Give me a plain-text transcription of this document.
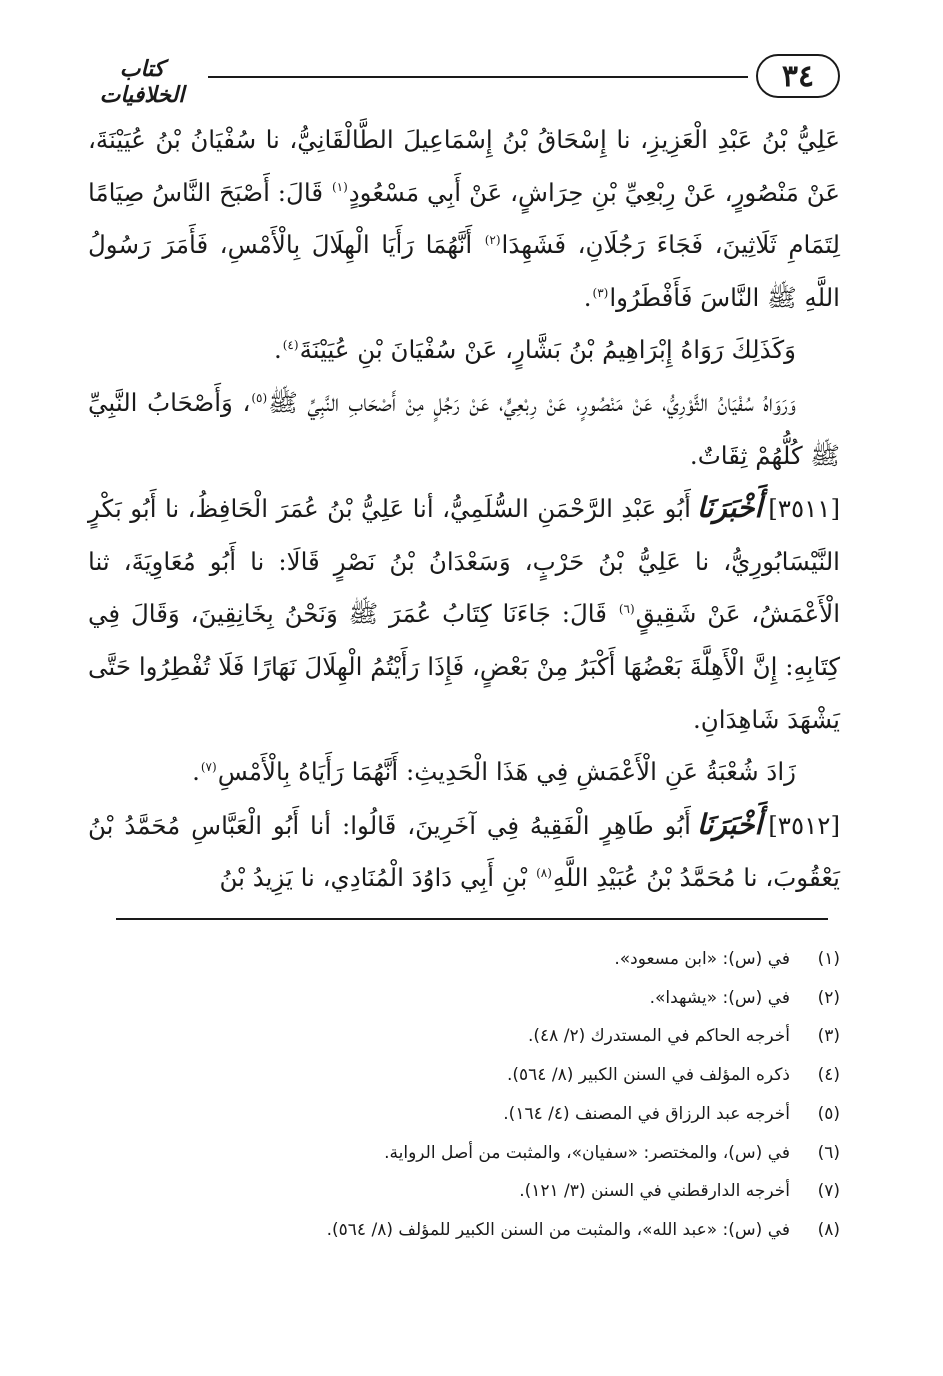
كتاب الخلافيات
٣٤

عَلِيُّ بْنُ عَبْدِ الْعَزِيزِ، نا إِسْحَاقُ بْنُ إِسْمَاعِيلَ الطَّالْقَانِيُّ، نا سُفْيَانُ بْنُ عُيَيْنَةَ، عَنْ مَنْصُورٍ، عَنْ رِبْعِيِّ بْنِ حِرَاشٍ، عَنْ أَبِي مَسْعُودٍ$^{(١)}$ قَالَ: أَصْبَحَ النَّاسُ صِيَامًا لِتَمَامِ ثَلَاثِينَ، فَجَاءَ رَجُلَانِ، فَشَهِدَا$^{(٢)}$ أَنَّهُمَا رَأَيَا الْهِلَالَ بِالْأَمْسِ، فَأَمَرَ رَسُولُ اللَّهِ ﷺ النَّاسَ فَأَفْطَرُوا$^{(٣)}$.

وَكَذَلِكَ رَوَاهُ إِبْرَاهِيمُ بْنُ بَشَّارٍ، عَنْ سُفْيَانَ بْنِ عُيَيْنَةَ$^{(٤)}$.

وَرَوَاهُ سُفْيَانُ الثَّوْرِيُّ، عَنْ مَنْصُورٍ، عَنْ رِبْعِيٍّ، عَنْ رَجُلٍ مِنْ أَصْحَابِ النَّبِيِّ ﷺ$^{(٥)}$، وَأَصْحَابُ النَّبِيِّ ﷺ كُلُّهُمْ ثِقَاتٌ.

[٣٥١١]أَخْبَرَنَاأَبُو عَبْدِ الرَّحْمَنِ السُّلَمِيُّ، أنا عَلِيُّ بْنُ عُمَرَ الْحَافِظُ، نا أَبُو بَكْرٍ النَّيْسَابُورِيُّ، نا عَلِيُّ بْنُ حَرْبٍ، وَسَعْدَانُ بْنُ نَصْرٍ قَالَا: نا أَبُو مُعَاوِيَةَ، ثنا الْأَعْمَشُ، عَنْ شَقِيقٍ$^{(٦)}$ قَالَ: جَاءَنَا كِتَابُ عُمَرَ ﷺ وَنَحْنُ بِخَانِقِينَ، وَقَالَ فِي كِتَابِهِ: إِنَّ الْأَهِلَّةَ بَعْضُهَا أَكْبَرُ مِنْ بَعْضٍ، فَإِذَا رَأَيْتُمُ الْهِلَالَ نَهَارًا فَلَا تُفْطِرُوا حَتَّى يَشْهَدَ شَاهِدَانِ.

زَادَ شُعْبَةُ عَنِ الْأَعْمَشِ فِي هَذَا الْحَدِيثِ: أَنَّهُمَا رَأَيَاهُ بِالْأَمْسِ$^{(٧)}$.

[٣٥١٢]أَخْبَرَنَاأَبُو طَاهِرٍ الْفَقِيهُ فِي آخَرِينَ، قَالُوا: أنا أَبُو الْعَبَّاسِ مُحَمَّدُ بْنُ يَعْقُوبَ، نا مُحَمَّدُ بْنُ عُبَيْدِ اللَّهِ$^{(٨)}$ بْنِ أَبِي دَاوُدَ الْمُنَادِي، نا يَزِيدُ بْنُ

(١)
في (س): «ابن مسعود».
(٢)
في (س): «يشهدا».
(٣)
أخرجه الحاكم في المستدرك (٢/ ٤٨).
(٤)
ذكره المؤلف في السنن الكبير (٨/ ٥٦٤).
(٥)
أخرجه عبد الرزاق في المصنف (٤/ ١٦٤).
(٦)
في (س)، والمختصر: «سفيان»، والمثبت من أصل الرواية.
(٧)
أخرجه الدارقطني في السنن (٣/ ١٢١).
(٨)
في (س): «عبد الله»، والمثبت من السنن الكبير للمؤلف (٨/ ٥٦٤).
